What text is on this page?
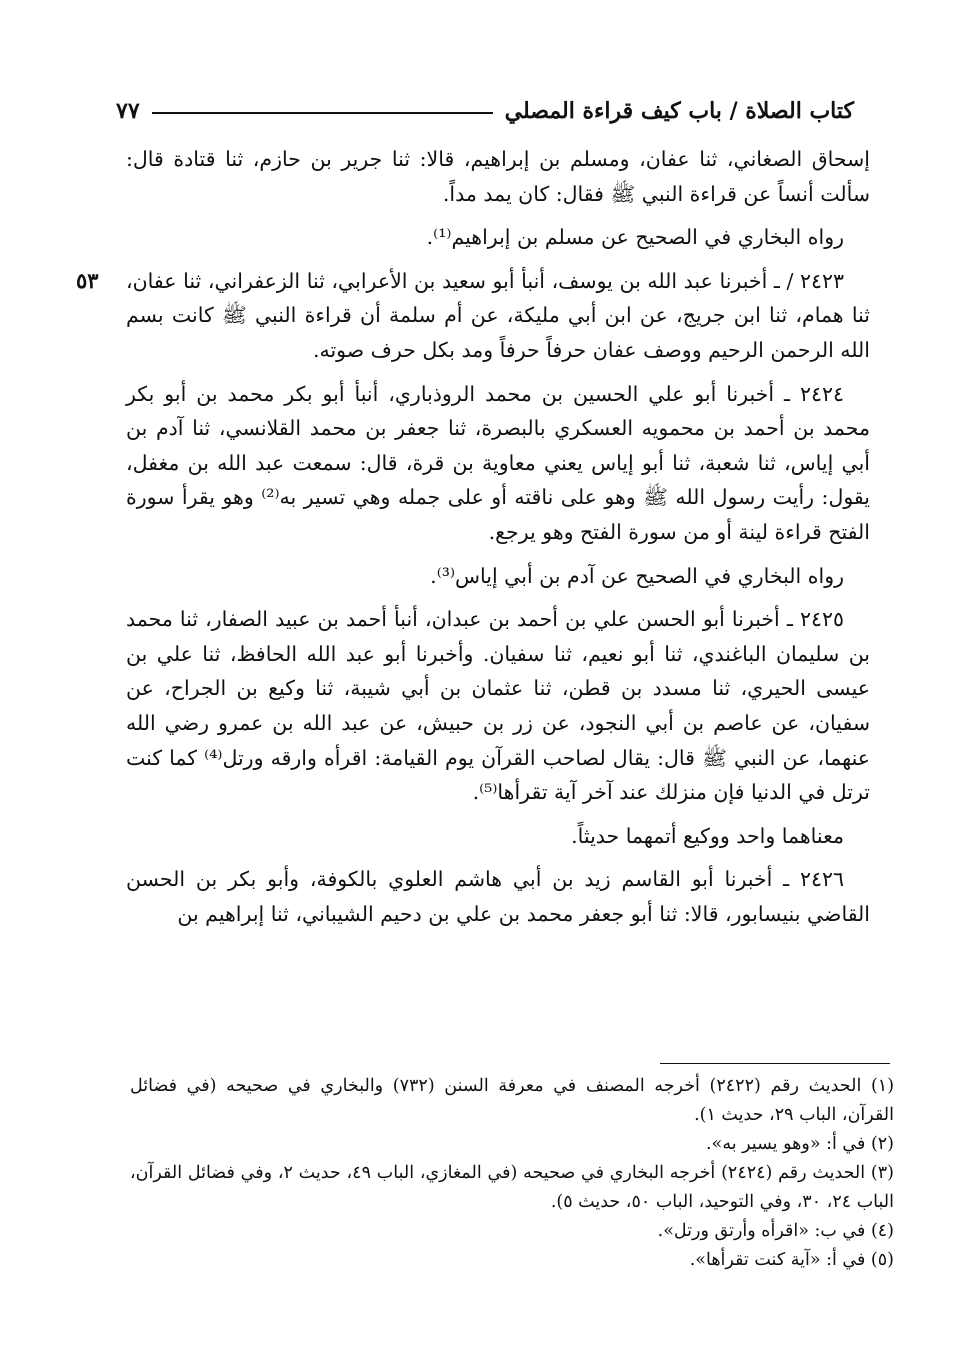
كتاب الصلاة / باب كيف قراءة المصلي
٧٧

إسحاق الصغاني، ثنا عفان، ومسلم بن إبراهيم، قالا: ثنا جرير بن حازم، ثنا قتادة قال: سألت أنساً عن قراءة النبي ﷺ فقال: كان يمد مداً.

رواه البخاري في الصحيح عن مسلم بن إبراهيم⁽¹⁾.

٥٣ ٢٤٢٣ / ـ أخبرنا عبد الله بن يوسف، أنبأ أبو سعيد بن الأعرابي، ثنا الزعفراني، ثنا عفان، ثنا همام، ثنا ابن جريج، عن ابن أبي مليكة، عن أم سلمة أن قراءة النبي ﷺ كانت بسم الله الرحمن الرحيم ووصف عفان حرفاً حرفاً ومد بكل حرف صوته.

٢٤٢٤ ـ أخبرنا أبو علي الحسين بن محمد الروذباري، أنبأ أبو بكر محمد بن أبو بكر محمد بن أحمد بن محمويه العسكري بالبصرة، ثنا جعفر بن محمد القلانسي، ثنا آدم بن أبي إياس، ثنا شعبة، ثنا أبو إياس يعني معاوية بن قرة، قال: سمعت عبد الله بن مغفل، يقول: رأيت رسول الله ﷺ وهو على ناقته أو على جمله وهي تسير به⁽²⁾ وهو يقرأ سورة الفتح قراءة لينة أو من سورة الفتح وهو يرجع.

رواه البخاري في الصحيح عن آدم بن أبي إياس⁽³⁾.

٢٤٢٥ ـ أخبرنا أبو الحسن علي بن أحمد بن عبدان، أنبأ أحمد بن عبيد الصفار، ثنا محمد بن سليمان الباغندي، ثنا أبو نعيم، ثنا سفيان. وأخبرنا أبو عبد الله الحافظ، ثنا علي بن عيسى الحيري، ثنا مسدد بن قطن، ثنا عثمان بن أبي شيبة، ثنا وكيع بن الجراح، عن سفيان، عن عاصم بن أبي النجود، عن زر بن حبيش، عن عبد الله بن عمرو رضي الله عنهما، عن النبي ﷺ قال: يقال لصاحب القرآن يوم القيامة: اقرأه وارقه ورتل⁽⁴⁾ كما كنت ترتل في الدنيا فإن منزلك عند آخر آية تقرأها⁽⁵⁾.

معناهما واحد ووكيع أتمهما حديثاً.

٢٤٢٦ ـ أخبرنا أبو القاسم زيد بن أبي هاشم العلوي بالكوفة، وأبو بكر بن الحسن القاضي بنيسابور، قالا: ثنا أبو جعفر محمد بن علي بن دحيم الشيباني، ثنا إبراهيم بن

(١) الحديث رقم (٢٤٢٢) أخرجه المصنف في معرفة السنن (٧٣٢) والبخاري في صحيحه (في فضائل القرآن، الباب ٢٩، حديث ١).

(٢) في أ: «وهو يسير به».

(٣) الحديث رقم (٢٤٢٤) أخرجه البخاري في صحيحه (في المغازي، الباب ٤٩، حديث ٢، وفي فضائل القرآن، الباب ٢٤، ٣٠، وفي التوحيد، الباب ٥٠، حديث ٥).

(٤) في ب: «اقرأه وأرتق ورتل».

(٥) في أ: «آية كنت تقرأها».
